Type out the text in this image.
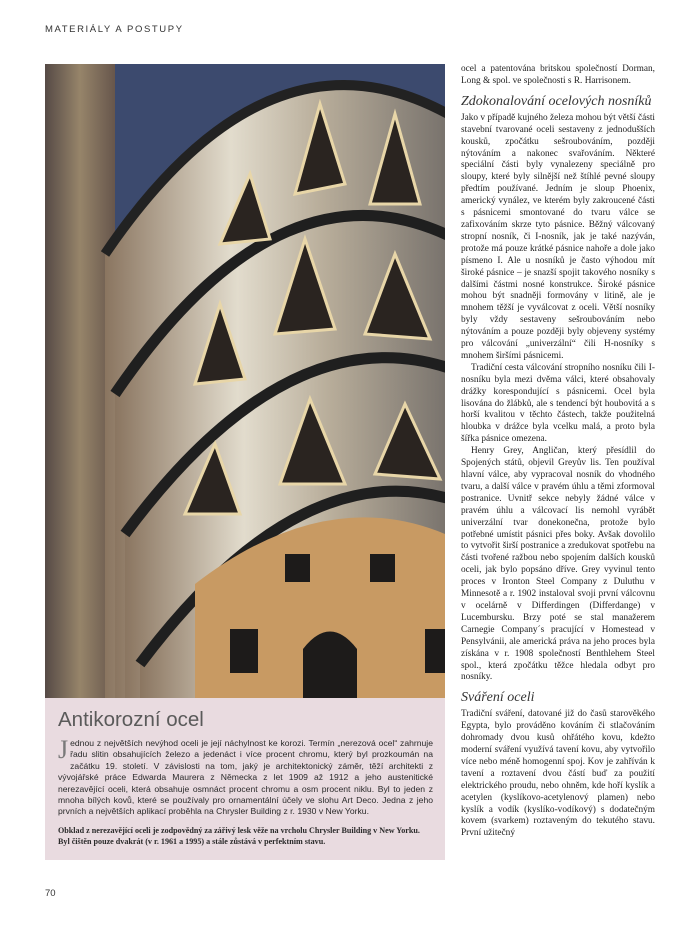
MATERIÁLY A POSTUPY
Antikorozní ocel

Jednou z největších nevýhod oceli je její náchylnost ke korozi. Termín „nerezová ocel“ zahrnuje řadu slitin obsahujících železo a jedenáct i více procent chromu, který byl prozkoumán na začátku 19. století. V závislosti na tom, jaký je architektonický záměr, těží architekti z vývojářské práce Edwarda Maurera z Německa z let 1909 až 1912 a jeho austenitické nerezavějící oceli, která obsahuje osmnáct procent chromu a osm procent niklu. Byl to jeden z mnoha bílých kovů, které se používaly pro ornamentální účely ve slohu Art Deco. Jedna z jeho prvních a největších aplikací proběhla na Chrysler Building z r. 1930 v New Yorku.

Obklad z nerezavějící oceli je zodpovědný za zářivý lesk věže na vrcholu Chrysler Building v New Yorku. Byl čištěn pouze dvakrát (v r. 1961 a 1995) a stále zůstává v perfektním stavu.

ocel a patentována britskou společností Dorman, Long & spol. ve společnosti s R. Harrisonem.

Zdokonalování ocelových nosníků

Jako v případě kujného železa mohou být větší části stavební tvarované oceli sestaveny z jednodušších kousků, zpočátku sešroubováním, později nýtováním a nakonec svařováním. Některé speciální části byly vynalezeny speciálně pro sloupy, které byly silnější než štíhlé pevné sloupy předtím používané. Jedním je sloup Phoenix, americký vynález, ve kterém byly zakroucené části s pásnicemi smontované do tvaru válce se zafixováním skrze tyto pásnice. Běžný válcovaný stropní nosník, či I-nosník, jak je také nazýván, protože má pouze krátké pásnice nahoře a dole jako písmeno I. Ale u nosníků je často výhodou mít široké pásnice – je snazší spojit takového nosníky s dalšími částmi nosné konstrukce. Široké pásnice mohou být snadněji formovány v litině, ale je mnohem těžší je vyválcovat z oceli. Větší nosníky byly vždy sestaveny sešroubováním nebo nýtováním a pouze později byly objeveny systémy pro válcování „univerzální“ čili H-nosníky s mnohem širšími pásnicemi.

Tradiční cesta válcování stropního nosníku čili I-nosníku byla mezi dvěma válci, které obsahovaly drážky korespondující s pásnicemi. Ocel byla lisována do žlábků, ale s tendencí být houbovitá a s horší kvalitou v těchto částech, takže použitelná hloubka v drážce byla vcelku malá, a proto byla šířka pásnice omezena.

Henry Grey, Angličan, který přesídlil do Spojených států, objevil Greyův lis. Ten používal hlavní válce, aby vypracoval nosník do vhodného tvaru, a další válce v pravém úhlu a těmi zformoval postranice. Uvnitř sekce nebyly žádné válce v pravém úhlu a válcovací lis nemohl vyrábět univerzální tvar donekonečna, protože bylo potřebné umístit pásnici přes boky. Avšak dovolilo to vytvořit širší postranice a zredukovat spotřebu na části tvořené ražbou nebo spojením dalších kousků oceli, jak bylo popsáno dříve. Grey vyvinul tento proces v Ironton Steel Company z Duluthu v Minnesotě a r. 1902 instaloval svoji první válcovnu v ocelárně v Differdingen (Differdange) v Lucembursku. Brzy poté se stal manažerem Carnegie Company´s pracující v Homestead v Pensylvánii, ale americká práva na jeho proces byla získána v r. 1908 společností Benthlehem Steel spol., která zpočátku těžce hledala odbyt pro nosníky.

Sváření oceli

Tradiční sváření, datované již do časů starověkého Egypta, bylo prováděno kováním či stlačováním dohromady dvou kusů ohřátého kovu, kdežto moderní sváření využívá tavení kovu, aby vytvořilo více nebo méně homogenní spoj. Kov je zahříván k tavení a roztavení dvou částí buď za použití elektrického proudu, nebo ohněm, kde hoří kyslík a acetylen (kyslíkovo-acetylenový plamen) nebo kyslík a vodík (kyslíko-vodíkový) s dodatečným kovem (svarkem) roztaveným do tekutého stavu. První užitečný

70
